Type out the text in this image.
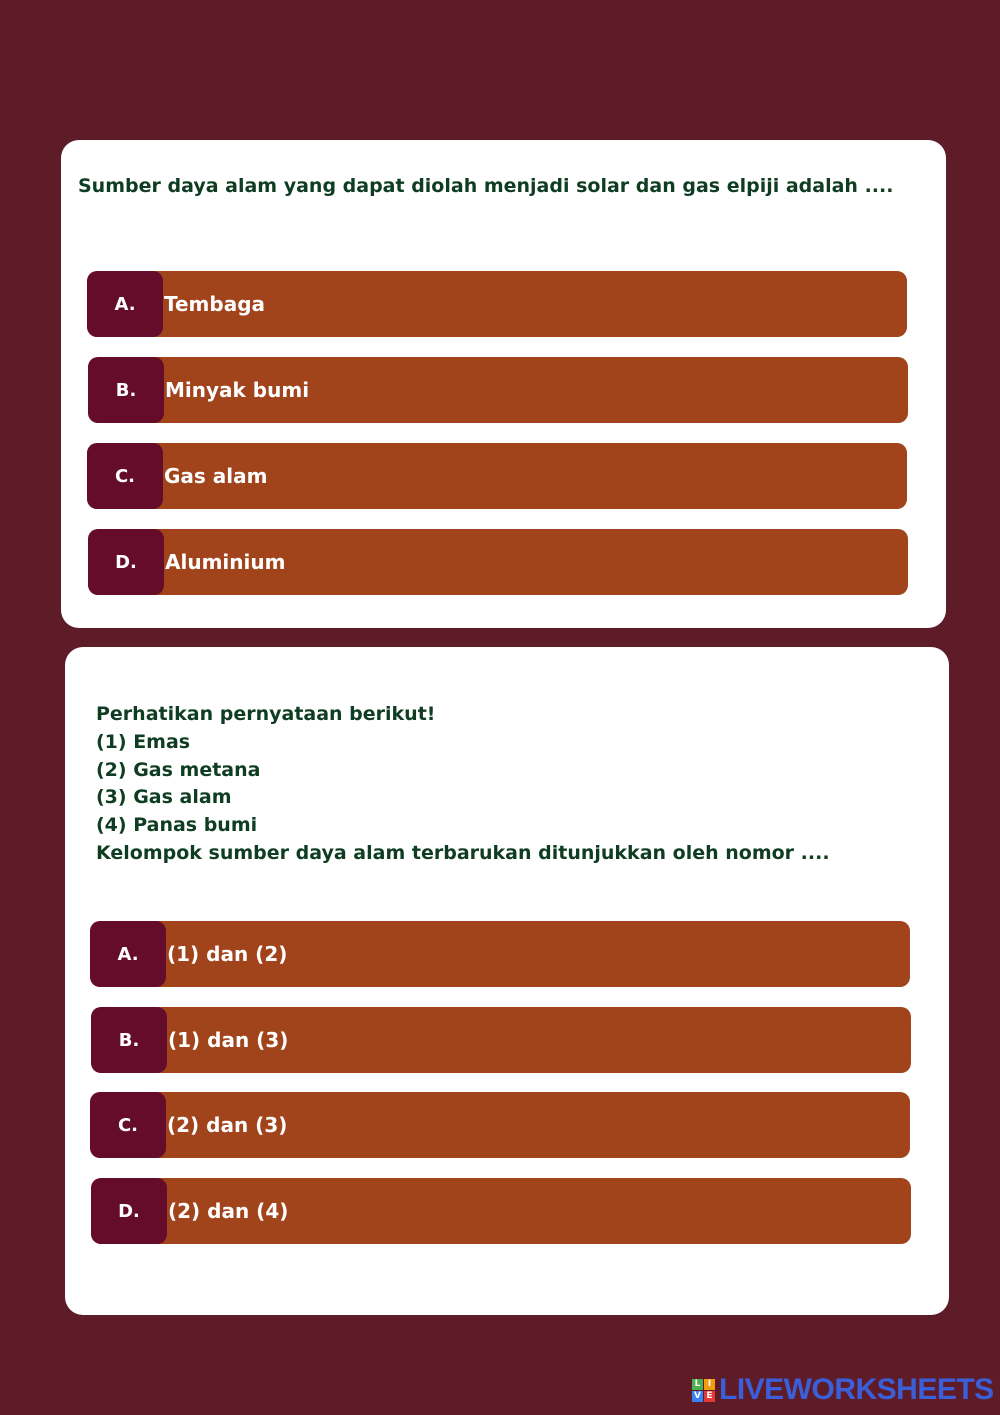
Sumber daya alam yang dapat diolah menjadi solar dan gas elpiji adalah ....
A.	Tembaga
B.	Minyak bumi
C.	Gas alam
D.	Aluminium
Perhatikan pernyataan berikut!
(1) Emas
(2) Gas metana
(3) Gas alam
(4) Panas bumi
Kelompok sumber daya alam terbarukan ditunjukkan oleh nomor ....
A.	(1) dan (2)
B.	(1) dan (3)
C.	(2) dan (3)
D.	(2) dan (4)
L I
V E LIVEWORKSHEETS
